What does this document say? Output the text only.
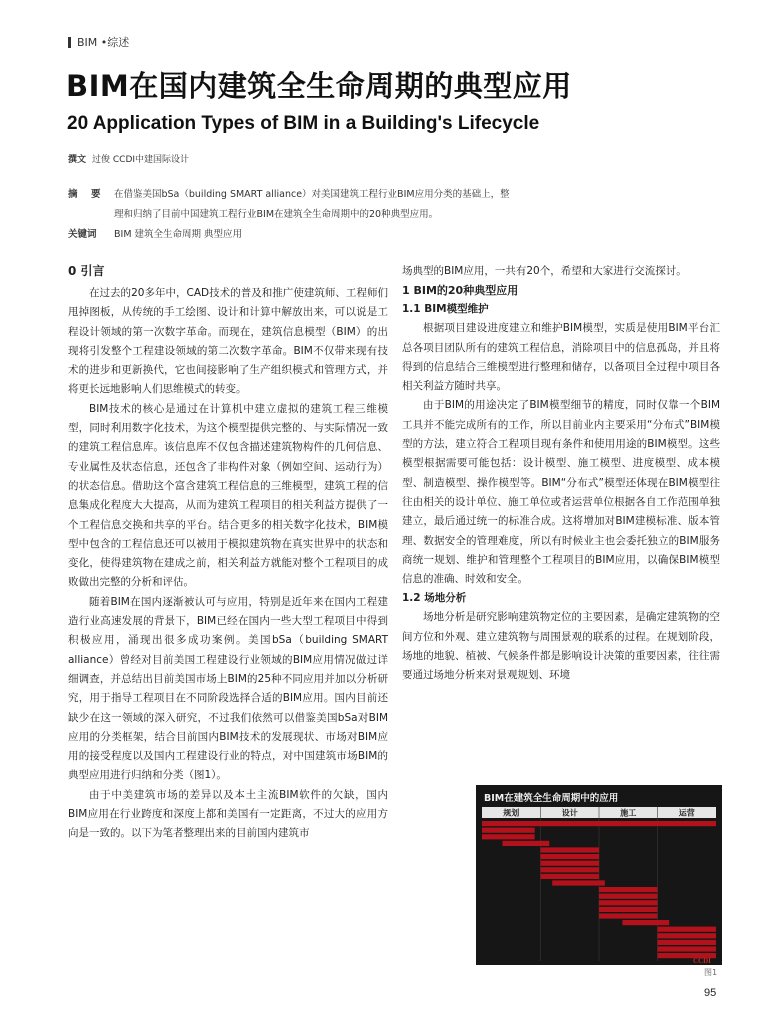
BIM •综述
BIM在国内建筑全生命周期的典型应用
20 Application Types of BIM in a Building's Lifecycle
撰文 过俊 CCDI中建国际设计
摘　要	在借鉴美国bSa（building SMART alliance）对美国建筑工程行业BIM应用分类的基础上，整
理和归纳了目前中国建筑工程行业BIM在建筑全生命周期中的20种典型应用。
关键词	BIM 建筑全生命周期 典型应用
0 引言

在过去的20多年中，CAD技术的普及和推广使建筑师、工程师们甩掉图板，从传统的手工绘图、设计和计算中解放出来，可以说是工程设计领域的第一次数字革命。而现在，建筑信息模型（BIM）的出现将引发整个工程建设领域的第二次数字革命。BIM不仅带来现有技术的进步和更新换代，它也间接影响了生产组织模式和管理方式，并将更长远地影响人们思维模式的转变。

BIM技术的核心是通过在计算机中建立虚拟的建筑工程三维模型，同时利用数字化技术，为这个模型提供完整的、与实际情况一致的建筑工程信息库。该信息库不仅包含描述建筑物构件的几何信息、专业属性及状态信息，还包含了非构件对象（例如空间、运动行为）的状态信息。借助这个富含建筑工程信息的三维模型，建筑工程的信息集成化程度大大提高，从而为建筑工程项目的相关利益方提供了一个工程信息交换和共享的平台。结合更多的相关数字化技术，BIM模型中包含的工程信息还可以被用于模拟建筑物在真实世界中的状态和变化，使得建筑物在建成之前，相关利益方就能对整个工程项目的成败做出完整的分析和评估。

随着BIM在国内逐渐被认可与应用，特别是近年来在国内工程建造行业高速发展的背景下，BIM已经在国内一些大型工程项目中得到积极应用，涌现出很多成功案例。美国bSa（building SMART alliance）曾经对目前美国工程建设行业领域的BIM应用情况做过详细调查，并总结出目前美国市场上BIM的25种不同应用并加以分析研究，用于指导工程项目在不同阶段选择合适的BIM应用。国内目前还缺少在这一领域的深入研究，不过我们依然可以借鉴美国bSa对BIM应用的分类框架，结合目前国内BIM技术的发展现状、市场对BIM应用的接受程度以及国内工程建设行业的特点，对中国建筑市场BIM的典型应用进行归纳和分类（图1）。

由于中美建筑市场的差异以及本土主流BIM软件的欠缺，国内BIM应用在行业跨度和深度上都和美国有一定距离，不过大的应用方向是一致的。以下为笔者整理出来的目前国内建筑市

场典型的BIM应用，一共有20个，希望和大家进行交流探讨。
1 BIM的20种典型应用
1.1 BIM模型维护

根据项目建设进度建立和维护BIM模型，实质是使用BIM平台汇总各项目团队所有的建筑工程信息，消除项目中的信息孤岛，并且将得到的信息结合三维模型进行整理和储存，以备项目全过程中项目各相关利益方随时共享。

由于BIM的用途决定了BIM模型细节的精度，同时仅靠一个BIM工具并不能完成所有的工作，所以目前业内主要采用“分布式”BIM模型的方法，建立符合工程项目现有条件和使用用途的BIM模型。这些模型根据需要可能包括：设计模型、施工模型、进度模型、成本模型、制造模型、操作模型等。BIM“分布式”模型还体现在BIM模型往往由相关的设计单位、施工单位或者运营单位根据各自工作范围单独建立，最后通过统一的标准合成。这将增加对BIM建模标准、版本管理、数据安全的管理难度，所以有时候业主也会委托独立的BIM服务商统一规划、维护和管理整个工程项目的BIM应用，以确保BIM模型信息的准确、时效和安全。

1.2 场地分析

场地分析是研究影响建筑物定位的主要因素，是确定建筑物的空间方位和外观、建立建筑物与周围景观的联系的过程。在规划阶段，场地的地貌、植被、气候条件都是影响设计决策的重要因素，往往需要通过场地分析来对景观规划、环境

规划	设计	施工	运营
BIM在建筑全生命周期中的应用
CCDI
图1
95
